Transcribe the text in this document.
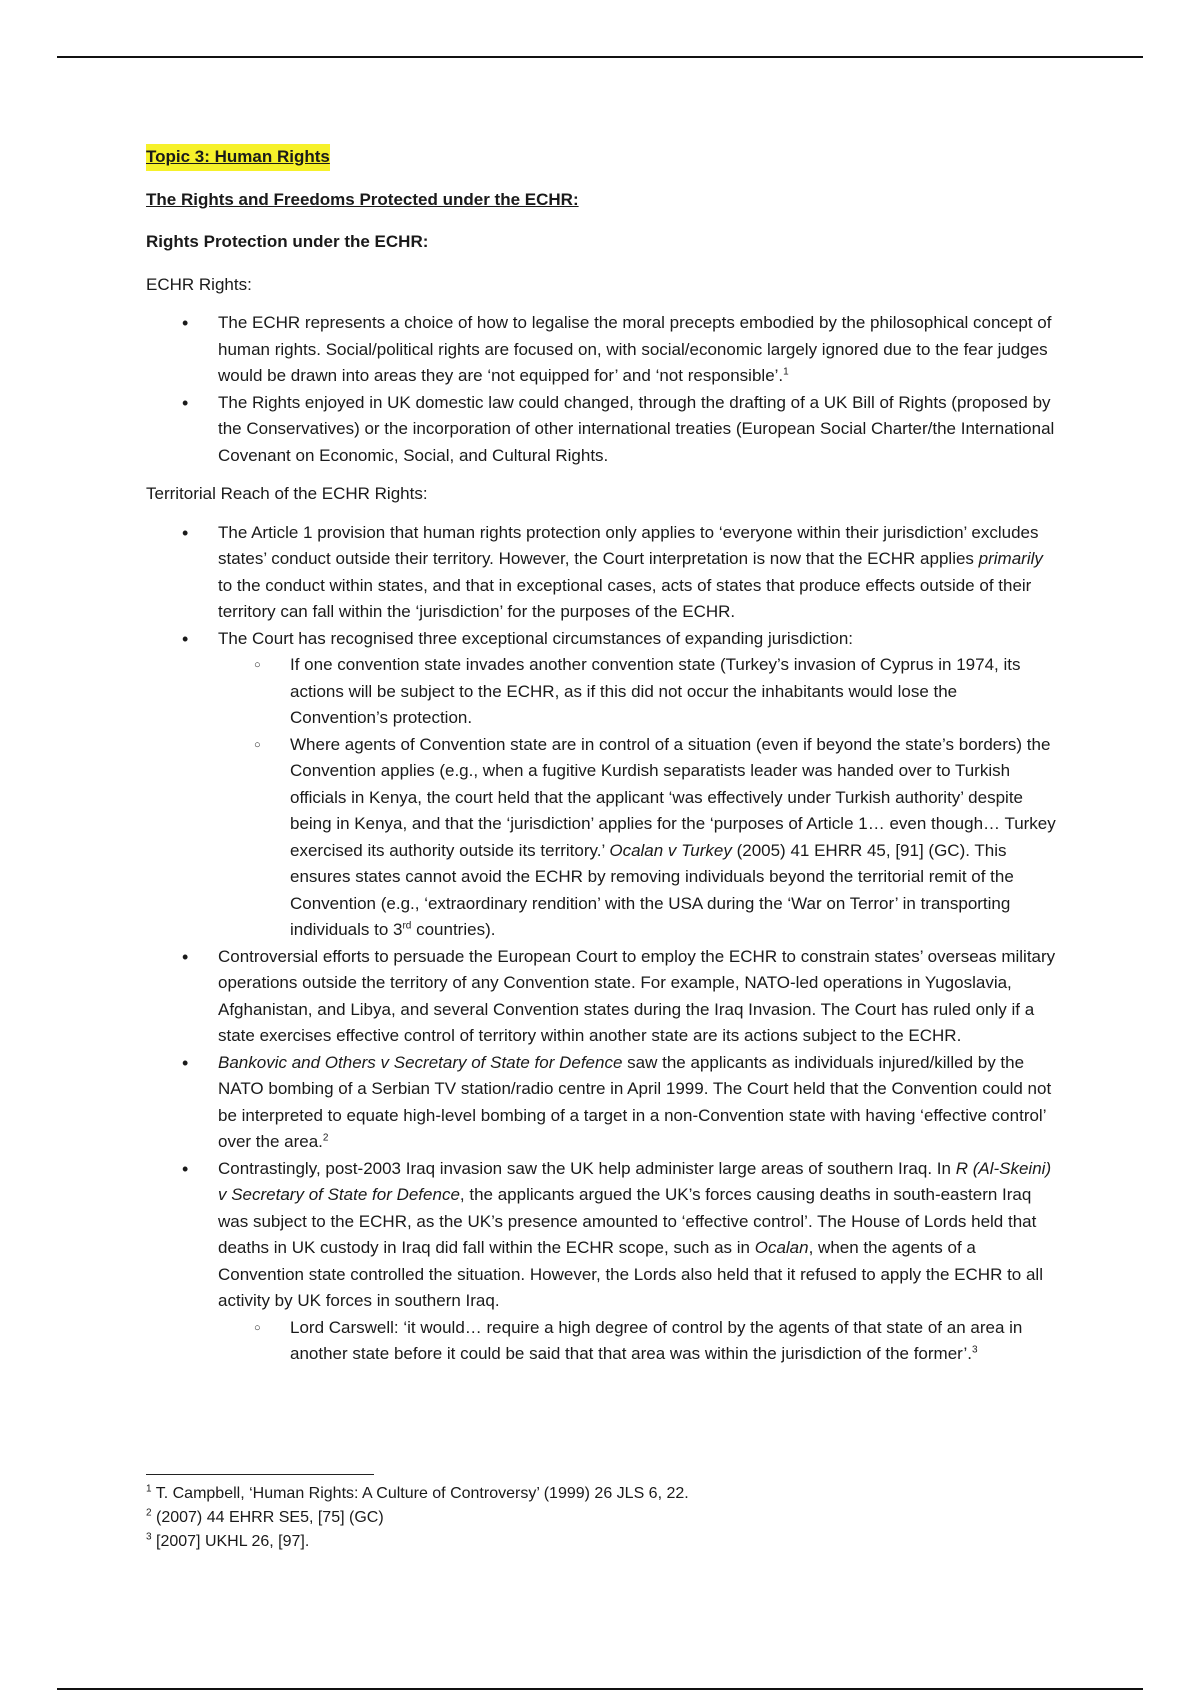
Topic 3: Human Rights
The Rights and Freedoms Protected under the ECHR:
Rights Protection under the ECHR:
ECHR Rights:
• The ECHR represents a choice of how to legalise the moral precepts embodied by the philosophical concept of human rights. Social/political rights are focused on, with social/economic largely ignored due to the fear judges would be drawn into areas they are ‘not equipped for’ and ‘not responsible’.$^1$
• The Rights enjoyed in UK domestic law could changed, through the drafting of a UK Bill of Rights (proposed by the Conservatives) or the incorporation of other international treaties (European Social Charter/the International Covenant on Economic, Social, and Cultural Rights.
Territorial Reach of the ECHR Rights:
• The Article 1 provision that human rights protection only applies to ‘everyone within their jurisdiction’ excludes states’ conduct outside their territory. However, the Court interpretation is now that the ECHR applies primarily to the conduct within states, and that in exceptional cases, acts of states that produce effects outside of their territory can fall within the ‘jurisdiction’ for the purposes of the ECHR.
• The Court has recognised three exceptional circumstances of expanding jurisdiction:
○ If one convention state invades another convention state (Turkey’s invasion of Cyprus in 1974, its actions will be subject to the ECHR, as if this did not occur the inhabitants would lose the Convention’s protection.
○ Where agents of Convention state are in control of a situation (even if beyond the state’s borders) the Convention applies (e.g., when a fugitive Kurdish separatists leader was handed over to Turkish officials in Kenya, the court held that the applicant ‘was effectively under Turkish authority’ despite being in Kenya, and that the ‘jurisdiction’ applies for the ‘purposes of Article 1… even though… Turkey exercised its authority outside its territory.’ Ocalan v Turkey (2005) 41 EHRR 45, [91] (GC). This ensures states cannot avoid the ECHR by removing individuals beyond the territorial remit of the Convention (e.g., ‘extraordinary rendition’ with the USA during the ‘War on Terror’ in transporting individuals to 3rd countries).
• Controversial efforts to persuade the European Court to employ the ECHR to constrain states’ overseas military operations outside the territory of any Convention state. For example, NATO-led operations in Yugoslavia, Afghanistan, and Libya, and several Convention states during the Iraq Invasion. The Court has ruled only if a state exercises effective control of territory within another state are its actions subject to the ECHR.
• Bankovic and Others v Secretary of State for Defence saw the applicants as individuals injured/killed by the NATO bombing of a Serbian TV station/radio centre in April 1999. The Court held that the Convention could not be interpreted to equate high-level bombing of a target in a non-Convention state with having ‘effective control’ over the area.$^2$
• Contrastingly, post-2003 Iraq invasion saw the UK help administer large areas of southern Iraq. In R (Al-Skeini) v Secretary of State for Defence, the applicants argued the UK’s forces causing deaths in south-eastern Iraq was subject to the ECHR, as the UK’s presence amounted to ‘effective control’. The House of Lords held that deaths in UK custody in Iraq did fall within the ECHR scope, such as in Ocalan, when the agents of a Convention state controlled the situation. However, the Lords also held that it refused to apply the ECHR to all activity by UK forces in southern Iraq.
○ Lord Carswell: ‘it would… require a high degree of control by the agents of that state of an area in another state before it could be said that that area was within the jurisdiction of the former’.$^3$
$^1$ T. Campbell, ‘Human Rights: A Culture of Controversy’ (1999) 26 JLS 6, 22.
$^2$ (2007) 44 EHRR SE5, [75] (GC)
$^3$ [2007] UKHL 26, [97].
